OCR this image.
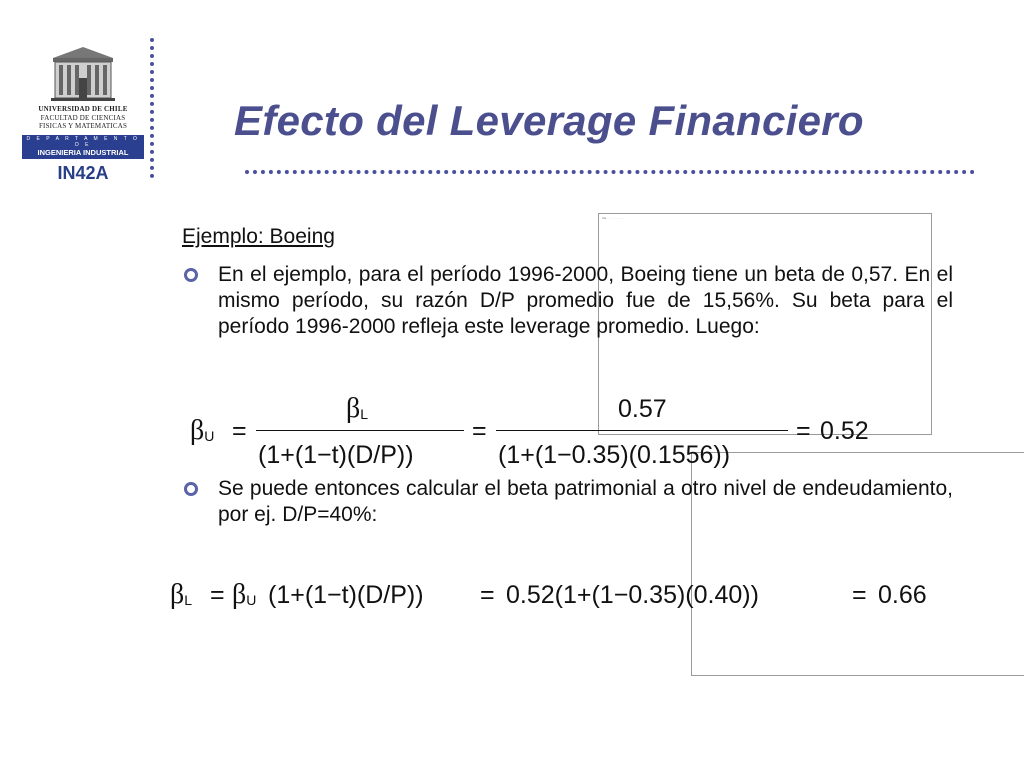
UNIVERSIDAD DE CHILE
FACULTAD DE CIENCIAS
FISICAS Y MATEMATICAS
D E P A R T A M E N T O D E
INGENIERIA INDUSTRIAL
IN42A
Efecto del Leverage Financiero
Ins. . . . . . . . . . .
Ejemplo: Boeing
En el ejemplo, para el período 1996-2000, Boeing tiene un beta de 0,57. En el mismo período, su razón D/P promedio fue de 15,56%. Su beta para el período 1996-2000 refleja este leverage promedio. Luego:
Se puede entonces calcular el beta patrimonial a otro nivel de endeudamiento, por ej. D/P=40%:
βU =
βL
(1+(1−t)(D/P))
=
0.57
(1+(1−0.35)(0.1556))
= 0.52
βL = βU (1+(1−t)(D/P)) = 0.52(1+(1−0.35)(0.40))	= 0.66
